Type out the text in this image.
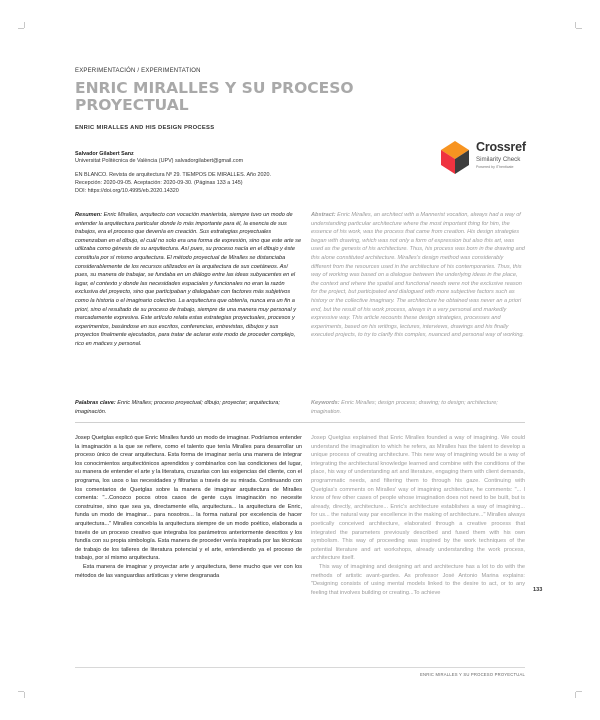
EXPERIMENTACIÓN / EXPERIMENTATION
ENRIC MIRALLES Y SU PROCESO
PROYECTUAL
ENRIC MIRALLES AND HIS DESIGN PROCESS
Salvador Gilabert Sanz
Universitat Politècnica de València (UPV) salvadorgilabert@gmail.com
EN BLANCO. Revista de arquitectura Nº 29. TIEMPOS DE MIRALLES. Año 2020.
Recepción: 2020-09-05. Aceptación: 2020-09-30. (Páginas 133 a 145)
DOI: https://doi.org/10.4995/eb.2020.14320
Crossref
Similarity Check
Powered by iThenticate
Resumen: Enric Miralles, arquitecto con vocación manierista, siempre tuvo un modo de entender la arquitectura particular donde lo más importante para él, la esencia de sus trabajos, era el proceso que devenía en creación. Sus estrategias proyectuales comenzaban en el dibujo, el cuál no solo era una forma de expresión, sino que este arte se utilizaba como génesis de su arquitectura. Así pues, su proceso nacía en el dibujo y éste constituía por sí mismo arquitectura. El método proyectual de Miralles se distanciaba considerablemente de los recursos utilizados en la arquitectura de sus coetáneos. Así pues, su manera de trabajar, se fundaba en un diálogo entre las ideas subyacentes en el lugar, el contexto y donde las necesidades espaciales y funcionales no eran la razón exclusiva del proyecto, sino que participaban y dialogaban con factores más subjetivos como la historia o el imaginario colectivo. La arquitectura que obtenía, nunca era un fin a priori, sino el resultado de su proceso de trabajo, siempre de una manera muy personal y marcadamente expresiva. Este artículo relata estas estrategias proyectuales, procesos y experimentos, basándose en sus escritos, conferencias, entrevistas, dibujos y sus proyectos finalmente ejecutados, para tratar de aclarar este modo de proceder complejo, rico en matices y personal.
Abstract: Enric Miralles, an architect with a Mannerist vocation, always had a way of understanding particular architecture where the most important thing for him, the essence of his work, was the process that came from creation. His design strategies began with drawing, which was not only a form of expression but also this art, was used as the genesis of his architecture. Thus, his process was born in the drawing and this alone constituted architecture. Miralles's design method was considerably different from the resources used in the architecture of his contemporaries. Thus, this way of working was based on a dialogue between the underlying ideas in the place, the context and where the spatial and functional needs were not the exclusive reason for the project, but participated and dialogued with more subjective factors such as history or the collective imaginary. The architecture he obtained was never an a priori end, but the result of his work process, always in a very personal and markedly expressive way. This article recounts these design strategies, processes and experiments, based on his writings, lectures, interviews, drawings and his finally executed projects, to try to clarify this complex, nuanced and personal way of working.
Palabras clave: Enric Miralles; proceso proyectual; dibujo; proyectar; arquitectura; imaginación.
Keywords: Enric Miralles; design process; drawing; to design; architecture; imagination.

Josep Quetglas explicó que Enric Miralles fundó un modo de imaginar. Podríamos entender la imaginación a la que se refiere, como el talento que tenía Miralles para desarrollar un proceso único de crear arquitectura. Esta forma de imaginar sería una manera de integrar los conocimientos arquitectónicos aprendidos y combinarlos con las condiciones del lugar, su manera de entender el arte y la literatura, cruzarlas con las exigencias del cliente, con el programa, los usos o las necesidades y filtrarlas a través de su mirada. Continuando con los comentarios de Quetglas sobre la manera de imaginar arquitectura de Miralles comenta: "...Conozco pocos otros casos de gente cuya imaginación no necesite construirse, sino que sea ya, directamente ella, arquitectura... la arquitectura de Enric, funda un modo de imaginar... para nosotros... la forma natural por excelencia de hacer arquitectura..." Miralles concebía la arquitectura siempre de un modo poético, elaborada a través de un proceso creativo que integraba los parámetros anteriormente descritos y los fundía con su propia simbología. Esta manera de proceder venía inspirada por las técnicas de trabajo de los talleres de literatura potencial y el arte, entendiendo ya el proceso de trabajo, por sí mismo arquitectura.

Esta manera de imaginar y proyectar arte y arquitectura, tiene mucho que ver con los métodos de las vanguardias artísticas y viene desgranada

Josep Quetglas explained that Enric Miralles founded a way of imagining. We could understand the imagination to which he refers, as Miralles has the talent to develop a unique process of creating architecture. This new way of imagining would be a way of integrating the architectural knowledge learned and combine with the conditions of the place, his way of understanding art and literature, engaging them with client demands, programmatic needs, and filtering them to through his gaze. Continuing with Quetglas's comments on Miralles' way of imagining architecture, he comments: "... I know of few other cases of people whose imagination does not need to be built, but is already, directly, architecture... Enric's architecture establishes a way of imagining... for us... the natural way par excellence in the making of architecture..." Miralles always poetically conceived architecture, elaborated through a creative process that integrated the parameters previously described and fused them with his own symbolism. This way of proceeding was inspired by the work techniques of the potential literature and art workshops, already understanding the work process, architecture itself.

This way of imagining and designing art and architecture has a lot to do with the methods of artistic avant-gardes. As professor José Antonio Marina explains: "Designing consists of using mental models linked to the desire to act, or to any feeling that involves building or creating...To achieve	133
ENRIC MIRALLES Y SU PROCESO PROYECTUAL
